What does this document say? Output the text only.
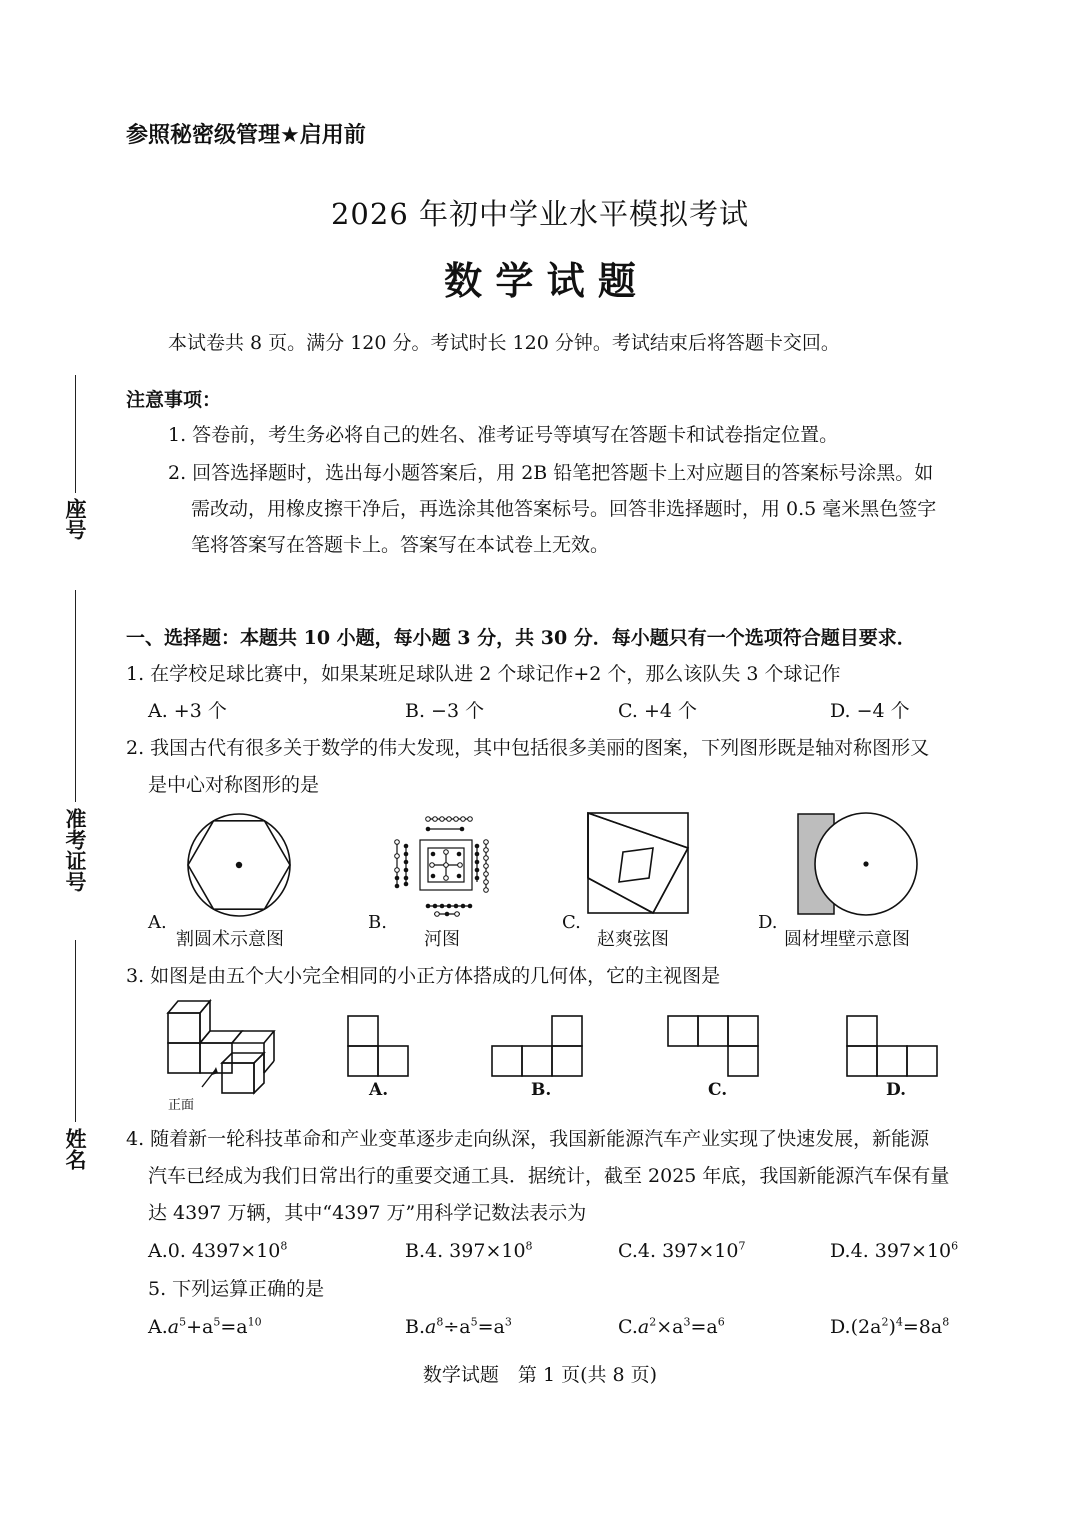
参照秘密级管理★启用前
2026 年初中学业水平模拟考试
数 学 试 题
本试卷共 8 页。满分 120 分。考试时长 120 分钟。考试结束后将答题卡交回。
座号
准考证号
姓名
注意事项：
1. 答卷前，考生务必将自己的姓名、准考证号等填写在答题卡和试卷指定位置。
2. 回答选择题时，选出每小题答案后，用 2B 铅笔把答题卡上对应题目的答案标号涂黑。如
需改动，用橡皮擦干净后，再选涂其他答案标号。回答非选择题时，用 0.5 毫米黑色签字
笔将答案写在答题卡上。答案写在本试卷上无效。
一、选择题：本题共 10 小题，每小题 3 分，共 30 分．每小题只有一个选项符合题目要求．
1. 在学校足球比赛中，如果某班足球队进 2 个球记作+2 个，那么该队失 3 个球记作
A. +3 个	B. −3 个	C. +4 个	D. −4 个
2. 我国古代有很多关于数学的伟大发现，其中包括很多美丽的图案，下列图形既是轴对称图形又
是中心对称图形的是
A.
割圆术示意图
B.
河图
C.
赵爽弦图
D.
圆材埋壁示意图
3. 如图是由五个大小完全相同的小正方体搭成的几何体，它的主视图是
正面
A.	B.	C.	D.
4. 随着新一轮科技革命和产业变革逐步走向纵深，我国新能源汽车产业实现了快速发展，新能源
汽车已经成为我们日常出行的重要交通工具．据统计，截至 2025 年底，我国新能源汽车保有量
达 4397 万辆，其中“4397 万”用科学记数法表示为
A.0. $4397\times 10^8$	B.4. $397\times 10^8$	C.4. $397\times 10^7$	D.4. $397\times 10^6$
5. 下列运算正确的是
$A.a^5+a^5=a^{10}$	$B.a^8\div a^5=a^3$	$C.a^2\times a^3=a^6$	$D.(2a^2)^4=8a^8$
数学试题　第 1 页(共 8 页)
